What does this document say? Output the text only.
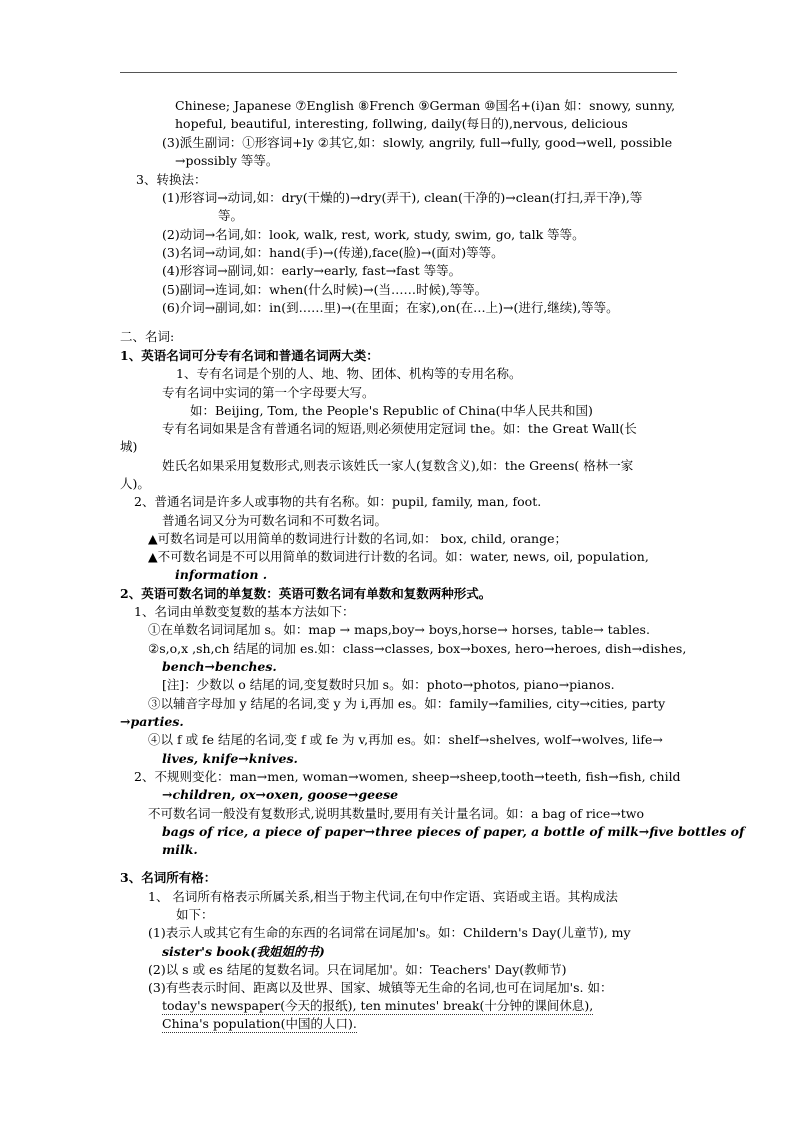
Chinese; Japanese ⑦English ⑧French ⑨German ⑩国名+(i)an 如：snowy, sunny,
hopeful, beautiful, interesting, follwing, daily(每日的),nervous, delicious
(3)派生副词：①形容词+ly ②其它,如：slowly, angrily, full→fully, good→well, possible
→possibly 等等。
3、转换法：
(1)形容词→动词,如：dry(干燥的)→dry(弄干), clean(干净的)→clean(打扫,弄干净),等
等。
(2)动词→名词,如：look, walk, rest, work, study, swim, go, talk 等等。
(3)名词→动词,如：hand(手)→(传递),face(脸)→(面对)等等。
(4)形容词→副词,如：early→early, fast→fast 等等。
(5)副词→连词,如：when(什么时候)→(当……时候),等等。
(6)介词→副词,如：in(到……里)→(在里面；在家),on(在…上)→(进行,继续),等等。
二、名词:
1、英语名词可分专有名词和普通名词两大类：
1、专有名词是个别的人、地、物、团体、机构等的专用名称。
专有名词中实词的第一个字母要大写。
如：Beijing, Tom, the People's Republic of China(中华人民共和国)
专有名词如果是含有普通名词的短语,则必须使用定冠词 the。如：the Great Wall(长
城)
姓氏名如果采用复数形式,则表示该姓氏一家人(复数含义),如：the Greens( 格林一家
人)。
2、普通名词是许多人或事物的共有名称。如：pupil, family, man, foot.
普通名词又分为可数名词和不可数名词。
▲可数名词是可以用简单的数词进行计数的名词,如： box, child, orange；
▲不可数名词是不可以用简单的数词进行计数的名词。如：water, news, oil, population,
information .
2、英语可数名词的单复数：英语可数名词有单数和复数两种形式。
1、名词由单数变复数的基本方法如下：
①在单数名词词尾加 s。如：map → maps,boy→ boys,horse→ horses, table→ tables.
②s,o,x ,sh,ch 结尾的词加 es.如：class→classes, box→boxes, hero→heroes, dish→dishes,
bench→benches.
[注]：少数以 o 结尾的词,变复数时只加 s。如：photo→photos, piano→pianos.
③以辅音字母加 y 结尾的名词,变 y 为 i,再加 es。如：family→families, city→cities, party
→parties.
④以 f 或 fe 结尾的名词,变 f 或 fe 为 v,再加 es。如：shelf→shelves, wolf→wolves, life→
lives, knife→knives.
2、不规则变化：man→men, woman→women, sheep→sheep,tooth→teeth, fish→fish, child
→children, ox→oxen, goose→geese
不可数名词一般没有复数形式,说明其数量时,要用有关计量名词。如：a bag of rice→two
bags of rice, a piece of paper→three pieces of paper, a bottle of milk→five bottles of
milk.
3、名词所有格：
1、 名词所有格表示所属关系,相当于物主代词,在句中作定语、宾语或主语。其构成法
如下：
(1)表示人或其它有生命的东西的名词常在词尾加's。如：Childern's Day(儿童节), my
sister's book(我姐姐的书)
(2)以 s 或 es 结尾的复数名词。只在词尾加'。如：Teachers' Day(教师节)
(3)有些表示时间、距离以及世界、国家、城镇等无生命的名词,也可在词尾加's. 如：
today's newspaper(今天的报纸), ten minutes' break(十分钟的课间休息),
China's population(中国的人口).
